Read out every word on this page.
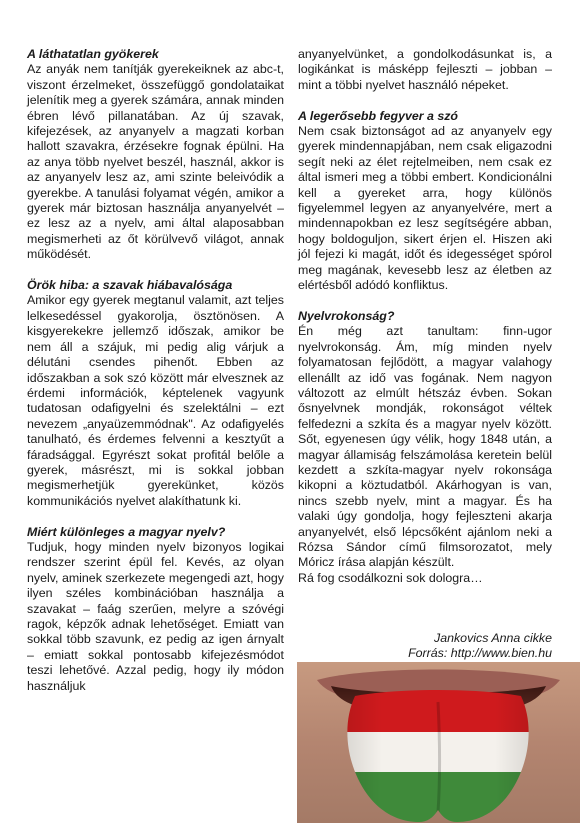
A láthatatlan gyökerek

Az anyák nem tanítják gyerekeiknek az abc-t, viszont érzelmeket, összefüggő gondolataikat jelenítik meg a gyerek számára, annak minden ébren lévő pillanatában. Az új szavak, kifejezések, az anyanyelv a magzati korban hallott szavakra, érzésekre fognak épülni. Ha az anya több nyelvet beszél, használ, akkor is az anyanyelv lesz az, ami szinte beleivódik a gyerekbe. A tanulási folyamat végén, amikor a gyerek már biztosan használja anyanyelvét – ez lesz az a nyelv, ami által alaposabban megismerheti az őt körülvevő világot, annak működését.

Örök hiba: a szavak hiábavalósága

Amikor egy gyerek megtanul valamit, azt teljes lelkesedéssel gyakorolja, ösztönösen. A kisgyerekekre jellemző időszak, amikor be nem áll a szájuk, mi pedig alig várjuk a délutáni csendes pihenőt. Ebben az időszakban a sok szó között már elvesznek az érdemi információk, képtelenek vagyunk tudatosan odafigyelni és szelektálni – ezt nevezem „anyaüzemmódnak". Az odafigyelés tanulható, és érdemes felvenni a kesztyűt a fáradsággal. Egyrészt sokat profitál belőle a gyerek, másrészt, mi is sokkal jobban megismerhetjük gyerekünket, közös kommunikációs nyelvet alakíthatunk ki.

Miért különleges a magyar nyelv?

Tudjuk, hogy minden nyelv bizonyos logikai rendszer szerint épül fel. Kevés, az olyan nyelv, aminek szerkezete megengedi azt, hogy ilyen széles kombinációban használja a szavakat – faág szerűen, melyre a szóvégi ragok, képzők adnak lehetőséget. Emiatt van sokkal több szavunk, ez pedig az igen árnyalt – emiatt sokkal pontosabb kifejezésmódot teszi lehetővé. Azzal pedig, hogy ily módon használjuk

anyanyelvünket, a gondolkodásunkat is, a logikánkat is másképp fejleszti – jobban – mint a többi nyelvet használó népeket.

A legerősebb fegyver a szó

Nem csak biztonságot ad az anyanyelv egy gyerek mindennapjában, nem csak eligazodni segít neki az élet rejtelmeiben, nem csak ez által ismeri meg a többi embert. Kondicionálni kell a gyereket arra, hogy különös figyelemmel legyen az anyanyelvére, mert a mindennapokban ez lesz segítségére abban, hogy boldoguljon, sikert érjen el. Hiszen aki jól fejezi ki magát, időt és idegességet spórol meg magának, kevesebb lesz az életben az elértésből adódó konfliktus.

Nyelvrokonság?

Én még azt tanultam: finn-ugor nyelvrokonság. Ám, míg minden nyelv folyamatosan fejlődött, a magyar valahogy ellenállt az idő vas fogának. Nem nagyon változott az elmúlt hétszáz évben. Sokan ősnyelvnek mondják, rokonságot véltek felfedezni a szkíta és a magyar nyelv között. Sőt, egyenesen úgy vélik, hogy 1848 után, a magyar államiság felszámolása keretein belül kezdett a szkíta-magyar nyelv rokonsága kikopni a köztudatból. Akárhogyan is van, nincs szebb nyelv, mint a magyar. És ha valaki úgy gondolja, hogy fejleszteni akarja anyanyelvét, első lépcsőként ajánlom neki a Rózsa Sándor című filmsorozatot, mely Móricz írása alapján készült.

Rá fog csodálkozni sok dologra…

Jankovics Anna cikke
Forrás: http://www.bien.hu
